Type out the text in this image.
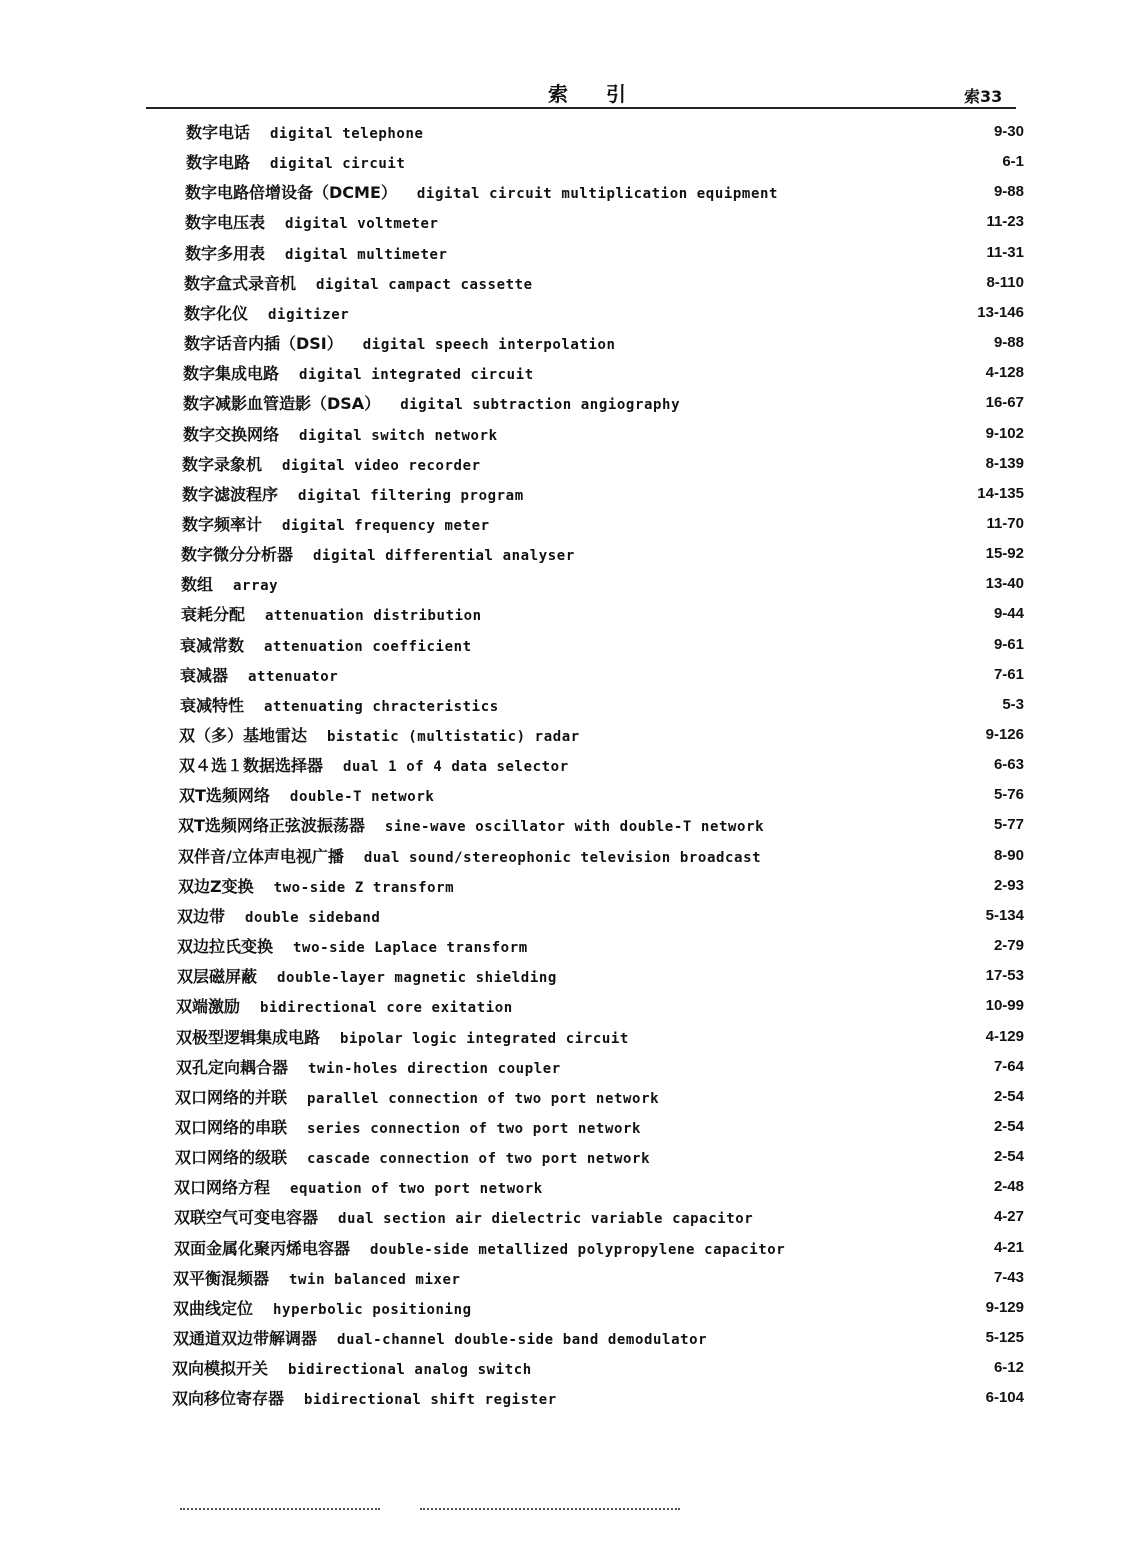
索引	索33
数字电话 digital telephone	9-30
数字电路 digital circuit	6-1
数字电路倍增设备（DCME） digital circuit multiplication equipment	9-88
数字电压表 digital voltmeter	11-23
数字多用表 digital multimeter	11-31
数字盒式录音机 digital campact cassette	8-110
数字化仪 digitizer	13-146
数字话音内插（DSI） digital speech interpolation	9-88
数字集成电路 digital integrated circuit	4-128
数字减影血管造影（DSA） digital subtraction angiography	16-67
数字交换网络 digital switch network	9-102
数字录象机 digital video recorder	8-139
数字滤波程序 digital filtering program	14-135
数字频率计 digital frequency meter	11-70
数字微分分析器 digital differential analyser	15-92
数组 array	13-40
衰耗分配 attenuation distribution	9-44
衰减常数 attenuation coefficient	9-61
衰减器 attenuator	7-61
衰减特性 attenuating chracteristics	5-3
双（多）基地雷达 bistatic (multistatic) radar	9-126
双４选１数据选择器 dual 1 of 4 data selector	6-63
双T选频网络 double-T network	5-76
双T选频网络正弦波振荡器 sine-wave oscillator with double-T network	5-77
双伴音/立体声电视广播 dual sound/stereophonic television broadcast	8-90
双边Z变换 two-side Z transform	2-93
双边带 double sideband	5-134
双边拉氏变换 two-side Laplace transform	2-79
双层磁屏蔽 double-layer magnetic shielding	17-53
双端激励 bidirectional core exitation	10-99
双极型逻辑集成电路 bipolar logic integrated circuit	4-129
双孔定向耦合器 twin-holes direction coupler	7-64
双口网络的并联 parallel connection of two port network	2-54
双口网络的串联 series connection of two port network	2-54
双口网络的级联 cascade connection of two port network	2-54
双口网络方程 equation of two port network	2-48
双联空气可变电容器 dual section air dielectric variable capacitor	4-27
双面金属化聚丙烯电容器 double-side metallized polypropylene capacitor	4-21
双平衡混频器 twin balanced mixer	7-43
双曲线定位 hyperbolic positioning	9-129
双通道双边带解调器 dual-channel double-side band demodulator	5-125
双向模拟开关 bidirectional analog switch	6-12
双向移位寄存器 bidirectional shift register	6-104
